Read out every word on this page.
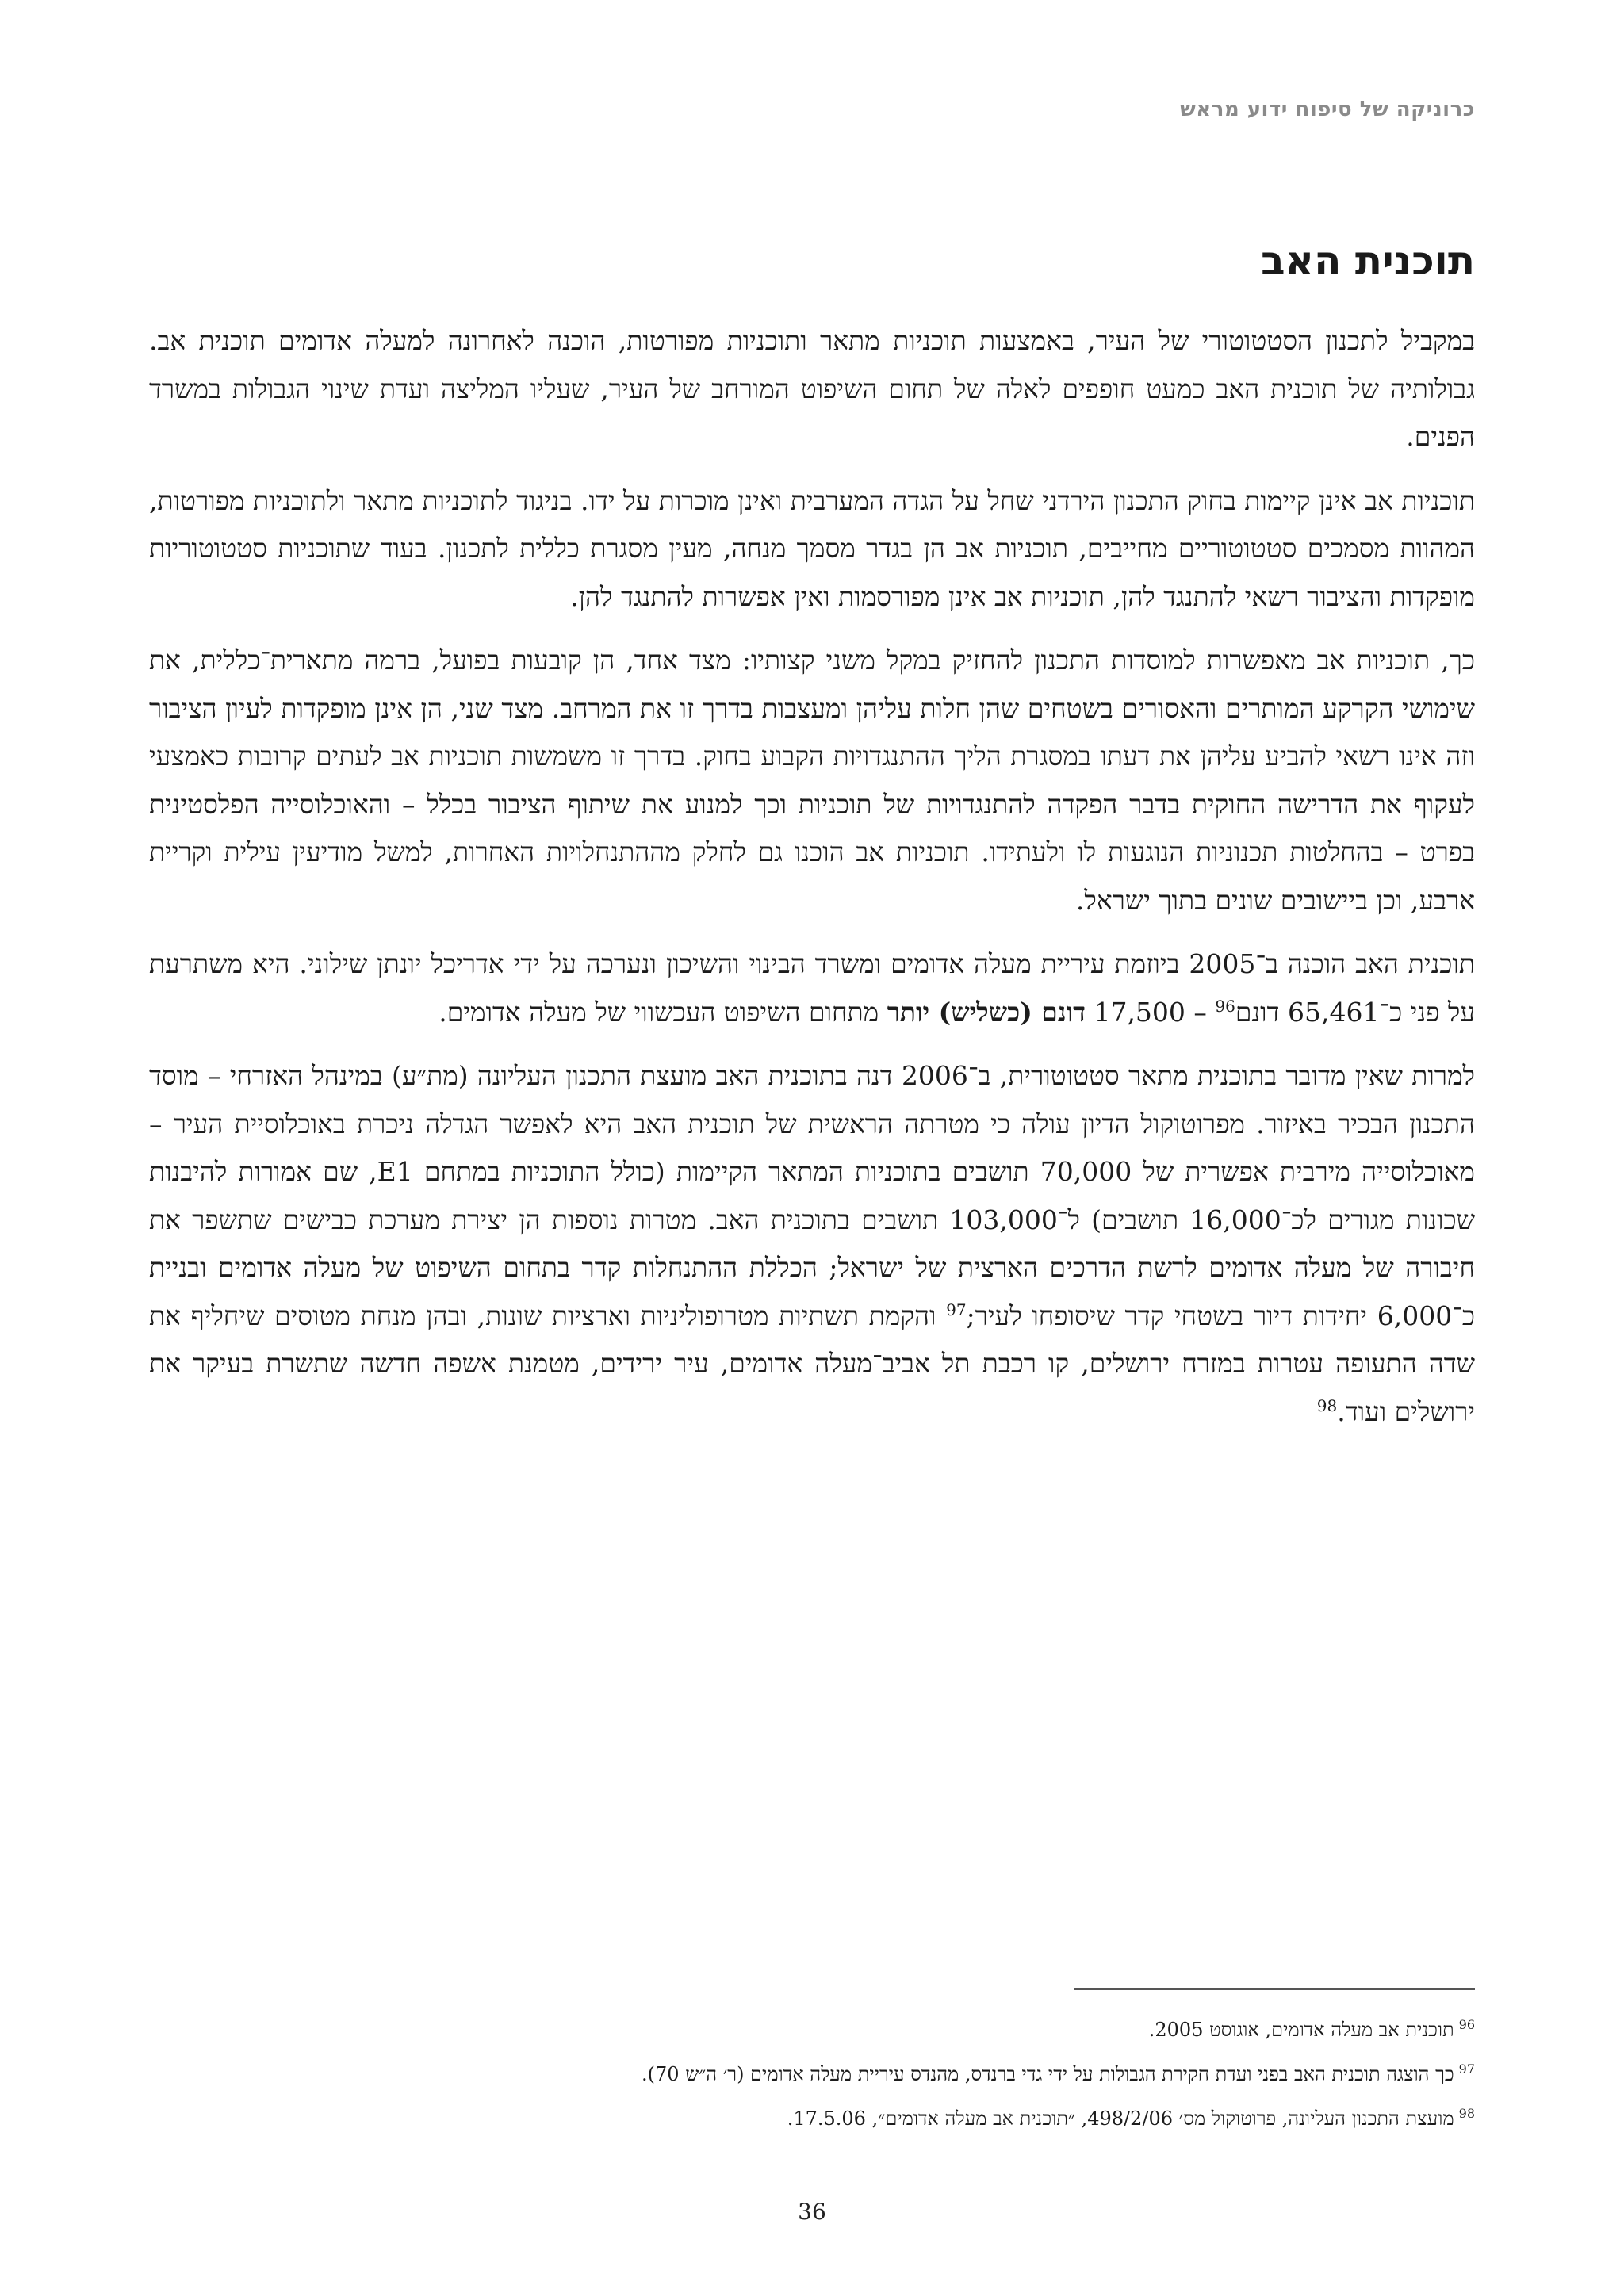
כרוניקה של סיפוח ידוע מראש
תוכנית האב

במקביל לתכנון הסטטוטורי של העיר, באמצעות תוכניות מתאר ותוכניות מפורטות, הוכנה לאחרונה למעלה אדומים תוכנית אב. גבולותיה של תוכנית האב כמעט חופפים לאלה של תחום השיפוט המורחב של העיר, שעליו המליצה ועדת שינוי הגבולות במשרד הפנים.

תוכניות אב אינן קיימות בחוק התכנון הירדני שחל על הגדה המערבית ואינן מוכרות על ידו. בניגוד לתוכניות מתאר ולתוכניות מפורטות, המהוות מסמכים סטטוטוריים מחייבים, תוכניות אב הן בגדר מסמך מנחה, מעין מסגרת כללית לתכנון. בעוד שתוכניות סטטוטוריות מופקדות והציבור רשאי להתנגד להן, תוכניות אב אינן מפורסמות ואין אפשרות להתנגד להן.

כך, תוכניות אב מאפשרות למוסדות התכנון להחזיק במקל משני קצותיו: מצד אחד, הן קובעות בפועל, ברמה מתארית־כללית, את שימושי הקרקע המותרים והאסורים בשטחים שהן חלות עליהן ומעצבות בדרך זו את המרחב. מצד שני, הן אינן מופקדות לעיון הציבור וזה אינו רשאי להביע עליהן את דעתו במסגרת הליך ההתנגדויות הקבוע בחוק. בדרך זו משמשות תוכניות אב לעתים קרובות כאמצעי לעקוף את הדרישה החוקית בדבר הפקדה להתנגדויות של תוכניות וכך למנוע את שיתוף הציבור בכלל – והאוכלוסייה הפלסטינית בפרט – בהחלטות תכנוניות הנוגעות לו ולעתידו. תוכניות אב הוכנו גם לחלק מההתנחלויות האחרות, למשל מודיעין עילית וקריית ארבע, וכן ביישובים שונים בתוך ישראל.

תוכנית האב הוכנה ב־2005 ביוזמת עיריית מעלה אדומים ומשרד הבינוי והשיכון ונערכה על ידי אדריכל יונתן שילוני. היא משתרעת על פני כ־65,461 דונם$^{96}$ – 17,500 דונם (כשליש) יותר מתחום השיפוט העכשווי של מעלה אדומים.

למרות שאין מדובר בתוכנית מתאר סטטוטורית, ב־2006 דנה בתוכנית האב מועצת התכנון העליונה (מת״ע) במינהל האזרחי – מוסד התכנון הבכיר באיזור. מפרוטוקול הדיון עולה כי מטרתה הראשית של תוכנית האב היא לאפשר הגדלה ניכרת באוכלוסיית העיר – מאוכלוסייה מירבית אפשרית של 70,000 תושבים בתוכניות המתאר הקיימות (כולל התוכניות במתחם E1, שם אמורות להיבנות שכונות מגורים לכ־16,000 תושבים) ל־103,000 תושבים בתוכנית האב. מטרות נוספות הן יצירת מערכת כבישים שתשפר את חיבורה של מעלה אדומים לרשת הדרכים הארצית של ישראל; הכללת ההתנחלות קדר בתחום השיפוט של מעלה אדומים ובניית כ־6,000 יחידות דיור בשטחי קדר שיסופחו לעיר;$^{97}$ והקמת תשתיות מטרופוליניות וארציות שונות, ובהן מנחת מטוסים שיחליף את שדה התעופה עטרות במזרח ירושלים, קו רכבת תל אביב־מעלה אדומים, עיר ירידים, מטמנת אשפה חדשה שתשרת בעיקר את ירושלים ועוד.$^{98}$

$^{96}$תוכנית אב מעלה אדומים, אוגוסט 2005.
$^{97}$כך הוצגה תוכנית האב בפני ועדת חקירת הגבולות על ידי גדי ברנדס, מהנדס עיריית מעלה אדומים (ר׳ ה״ש 70).
$^{98}$מועצת התכנון העליונה, פרוטוקול מס׳ 498/2/06, ״תוכנית אב מעלה אדומים״, 17.5.06.
36
